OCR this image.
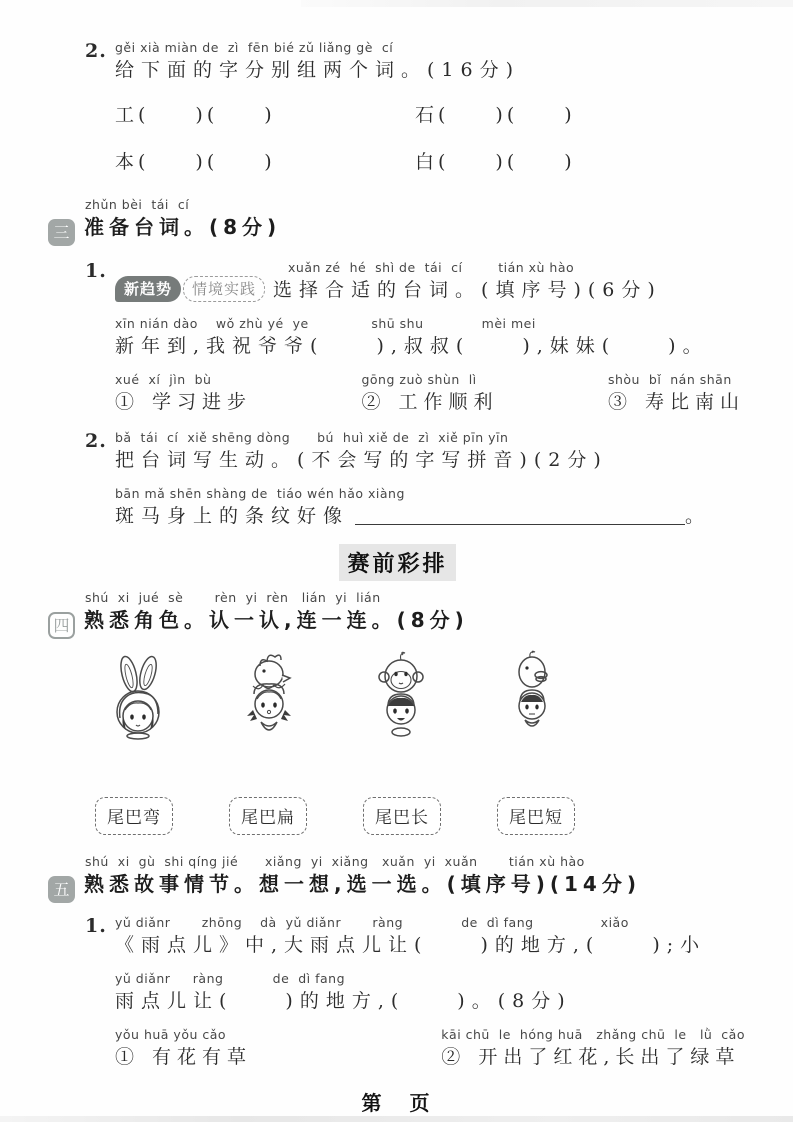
gěi xià miàn de  zì  fēn bié zǔ liǎng gè  cí
2.
给下面的字分别组两个词。(16分)
工(　　)(　　)	石(　　)(　　)
本(　　)(　　)	白(　　)(　　)
zhǔn bèi  tái  cí
三 准备台词。(8分)
xuǎn zé  hé  shì de  tái  cí        tián xù hào
1.
新趋势 情境实践 选择合适的台词。(填序号)(6分)
xīn nián dào    wǒ zhù yé  ye              shū shu             mèi mei
新年到,我祝爷爷(　　),叔叔(　　),妹妹(　　)。
xué  xí  jìn  bù
① 学习进步
gōng zuò shùn  lì
② 工作顺利
shòu  bǐ  nán shān
③ 寿比南山
bǎ  tái  cí  xiě shēng dòng      bú  huì xiě de  zì  xiě pīn yīn
2.
把台词写生动。(不会写的字写拼音)(2分)
bān mǎ shēn shàng de  tiáo wén hǎo xiàng
斑马身上的条纹好像	。
赛前彩排
shú  xi  jué  sè       rèn  yi  rèn   lián  yi  lián
四 熟悉角色。认一认,连一连。(8分)
尾巴弯	尾巴扁	尾巴长	尾巴短
shú  xi  gù  shi qíng jié      xiǎng  yi  xiǎng   xuǎn  yi  xuǎn       tián xù hào
五 熟悉故事情节。想一想,选一选。(填序号)(14分)
yǔ diǎnr       zhōng    dà  yǔ diǎnr       ràng             de  dì fang               xiǎo
1.
《雨点儿》中,大雨点儿让(　　)的地方,(　　);小
yǔ diǎnr     ràng           de  dì fang
雨点儿让(　　)的地方,(　　)。(8分)
yǒu huā yǒu cǎo
① 有花有草
kāi chū  le  hóng huā   zhǎng chū  le   lǜ  cǎo
② 开出了红花,长出了绿草
第　页
